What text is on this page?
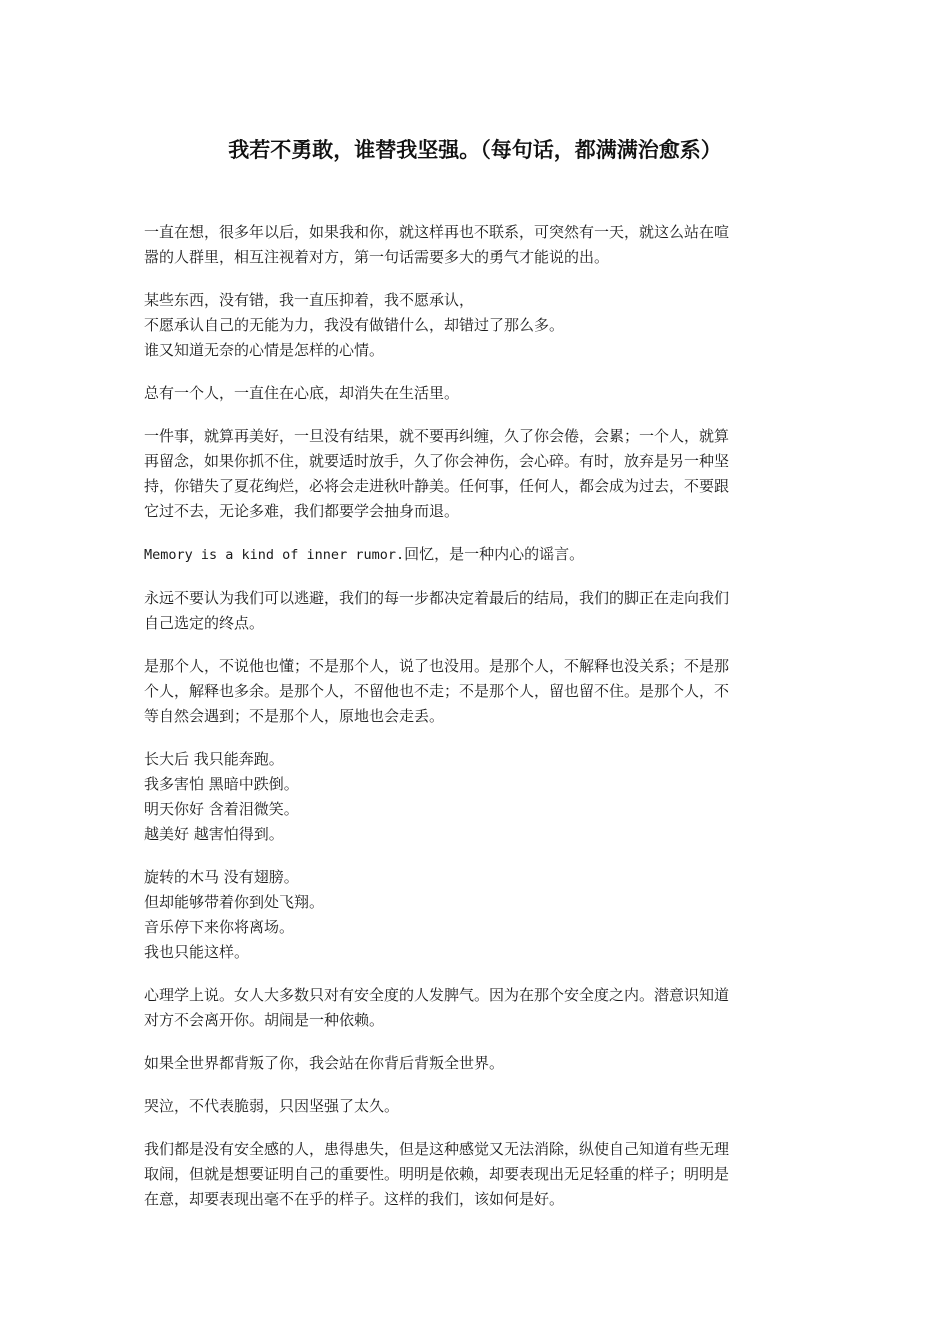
我若不勇敢，谁替我坚强。（每句话，都满满治愈系）

一直在想，很多年以后，如果我和你，就这样再也不联系，可突然有一天，就这么站在喧
嚣的人群里，相互注视着对方，第一句话需要多大的勇气才能说的出。

某些东西，没有错，我一直压抑着，我不愿承认，
不愿承认自己的无能为力，我没有做错什么，却错过了那么多。
谁又知道无奈的心情是怎样的心情。

总有一个人，一直住在心底，却消失在生活里。

一件事，就算再美好，一旦没有结果，就不要再纠缠，久了你会倦，会累；一个人，就算
再留念，如果你抓不住，就要适时放手，久了你会神伤，会心碎。有时，放弃是另一种坚
持，你错失了夏花绚烂，必将会走进秋叶静美。任何事，任何人，都会成为过去，不要跟
它过不去，无论多难，我们都要学会抽身而退。

Memory is a kind of inner rumor.回忆，是一种内心的谣言。

永远不要认为我们可以逃避，我们的每一步都决定着最后的结局，我们的脚正在走向我们
自己选定的终点。

是那个人，不说他也懂；不是那个人，说了也没用。是那个人，不解释也没关系；不是那
个人，解释也多余。是那个人，不留他也不走；不是那个人，留也留不住。是那个人，不
等自然会遇到；不是那个人，原地也会走丢。

长大后 我只能奔跑。
我多害怕 黑暗中跌倒。
明天你好 含着泪微笑。
越美好 越害怕得到。

旋转的木马 没有翅膀。
但却能够带着你到处飞翔。
音乐停下来你将离场。
我也只能这样。

心理学上说。女人大多数只对有安全度的人发脾气。因为在那个安全度之内。潜意识知道
对方不会离开你。胡闹是一种依赖。

如果全世界都背叛了你，我会站在你背后背叛全世界。

哭泣，不代表脆弱，只因坚强了太久。

我们都是没有安全感的人，患得患失，但是这种感觉又无法消除，纵使自己知道有些无理
取闹，但就是想要证明自己的重要性。明明是依赖，却要表现出无足轻重的样子；明明是
在意，却要表现出毫不在乎的样子。这样的我们，该如何是好。
